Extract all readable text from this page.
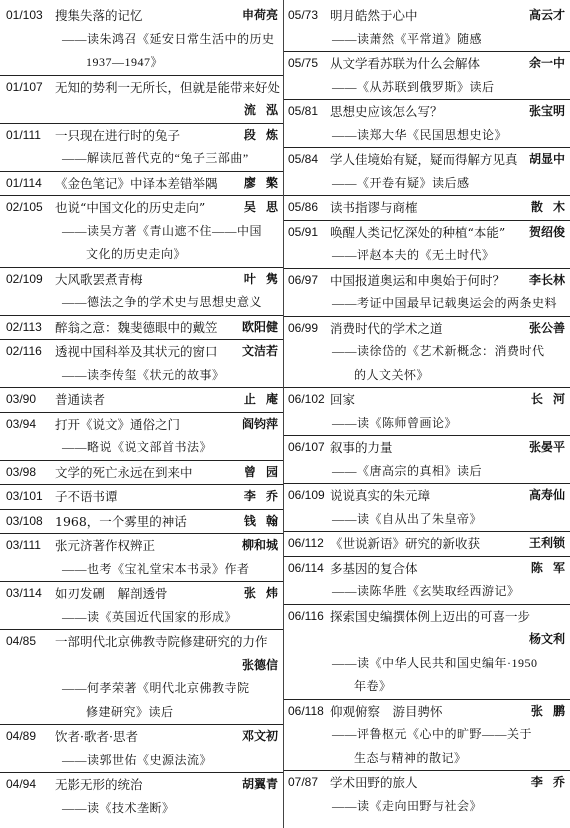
01/103 搜集失落的记忆	申荷亮
——读朱鸿召《延安日常生活中的历史
1937—1947》
01/107 无知的势利一无所长，但就是能带来好处
流 泓
01/111 一只现在进行时的兔子	段 炼
——解读厄普代克的“兔子三部曲”
01/114 《金色笔记》中译本差错举隅 廖 檠
02/105 也说“中国文化的历史走向”	吴 思
——读吴方著《青山遮不住——中国
文化的历史走向》
02/109 大风歌罢煮青梅	叶 隽
——德法之争的学术史与思想史意义
02/113 醉翁之意：魏斐德眼中的戴笠 欧阳健
02/116 透视中国科举及其状元的窗口 文洁若
——读李传玺《状元的故事》
03/90 普通读者	止 庵
03/94 打开《说文》通俗之门	阎钧萍
——略说《说文部首书法》
03/98 文学的死亡永远在到来中	曾 园
03/101 子不语书谭	李 乔
03/108 1968，一个雾里的神话	钱 翰
03/111 张元济著作权辨正	柳和城
——也考《宝礼堂宋本书录》作者
03/114 如刃发硎　解剖透骨	张 炜
——读《英国近代国家的形成》
04/85 一部明代北京佛教寺院修建研究的力作
张德信
——何孝荣著《明代北京佛教寺院
修建研究》读后
04/89 饮者·歌者·思者	邓文初
——读郭世佑《史源法流》
04/94 无影无形的统治	胡翼青
——读《技术垄断》
05/73 明月皓然于心中	高云才
——读萧然《平常道》随感
05/75 从文学看苏联为什么会解体	余一中
——《从苏联到俄罗斯》读后
05/81 思想史应该怎么写？	张宝明
——读郑大华《民国思想史论》
05/84 学人佳境始有疑，疑而得解方见真 胡显中
——《开卷有疑》读后感
05/86 读书指谬与商榷	散 木
05/91 唤醒人类记忆深处的种植“本能” 贺绍俊
——评赵本夫的《无土时代》
06/97 中国报道奥运和申奥始于何时？ 李长林
——考证中国最早记载奥运会的两条史料
06/99 消费时代的学术之道	张公善
——读徐岱的《艺术新概念：消费时代
的人文关怀》
06/102 回家	长 河
——读《陈师曾画论》
06/107 叙事的力量	张晏平
——《唐高宗的真相》读后
06/109 说说真实的朱元璋	高寿仙
——读《自从出了朱皇帝》
06/112 《世说新语》研究的新收获	王利锁
06/114 多基因的复合体	陈 军
——读陈华胜《玄奘取经西游记》
06/116 探索国史编撰体例上迈出的可喜一步
杨文利
——读《中华人民共和国史编年·1950
年卷》
06/118 仰观俯察　游目骋怀	张 鹏
——评鲁枢元《心中的旷野——关于
生态与精神的散记》
07/87 学术田野的旅人	李 乔
——读《走向田野与社会》
